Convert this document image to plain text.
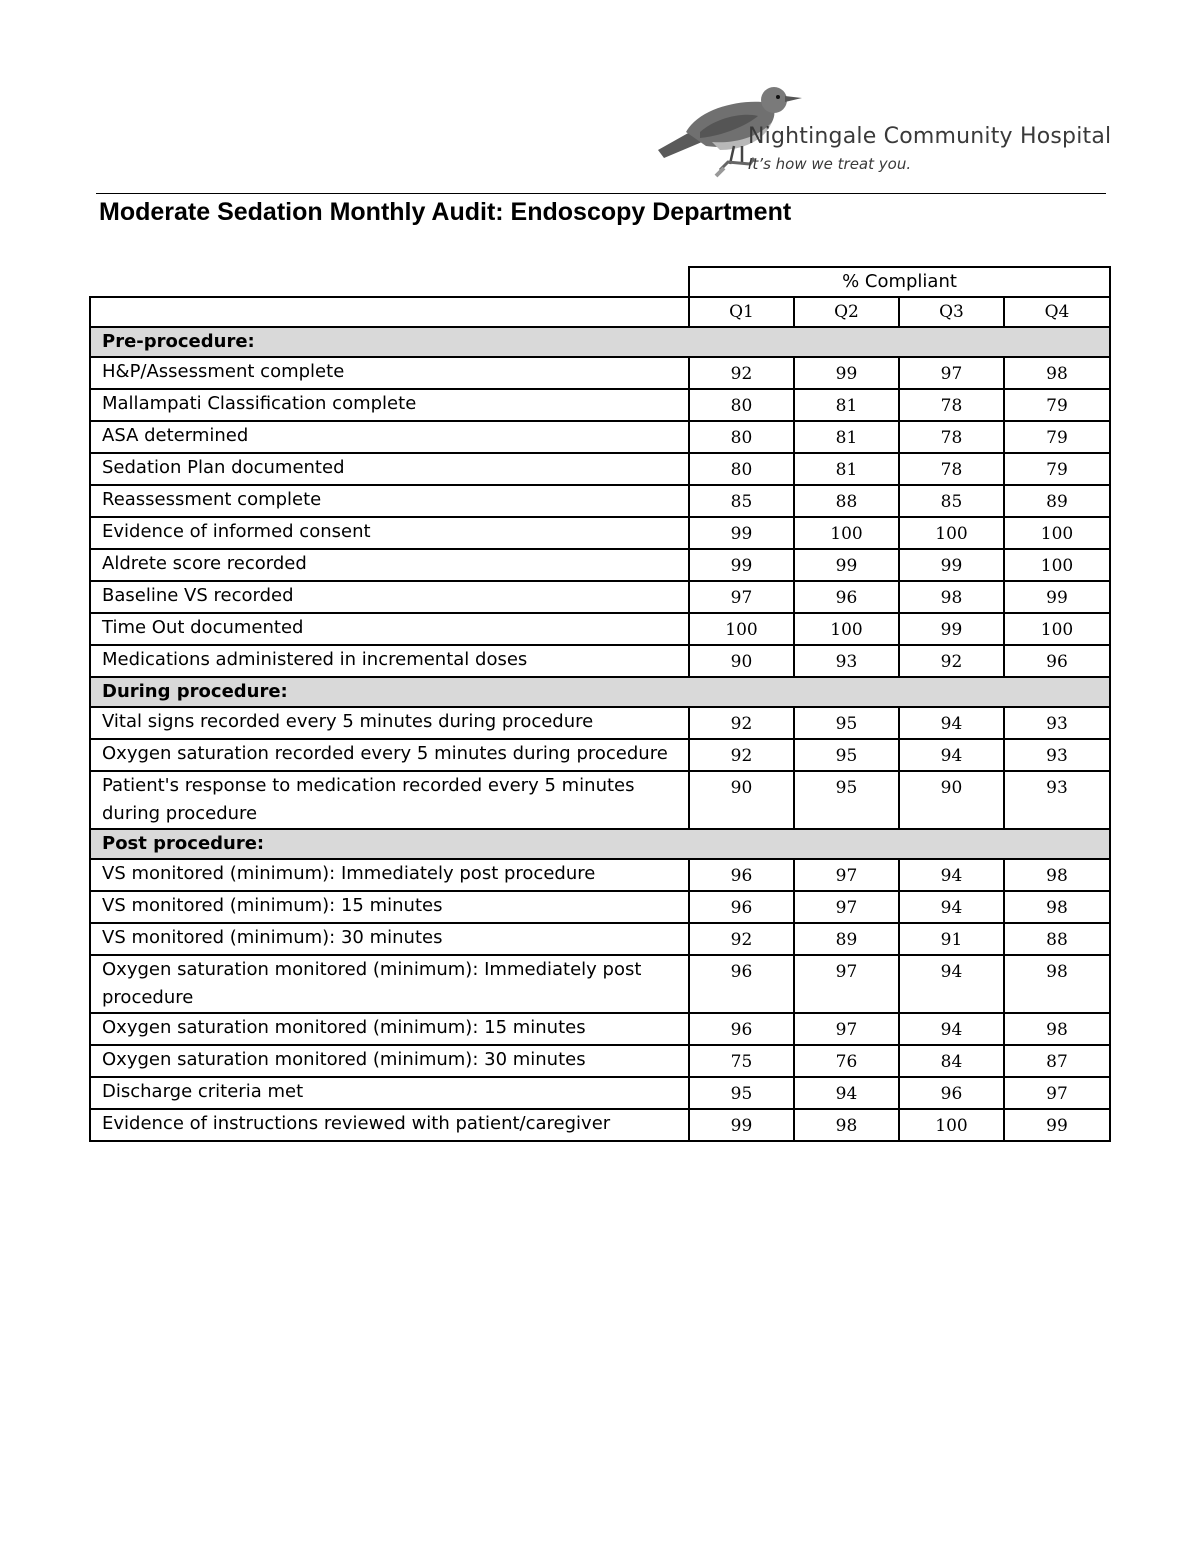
Nightingale Community Hospital
It’s how we treat you.
Moderate Sedation Monthly Audit: Endoscopy Department
	% Compliant			
	Q1	Q2	Q3	Q4
Pre-procedure:				
H&P/Assessment complete	92	99	97	98
Mallampati Classification complete	80	81	78	79
ASA determined	80	81	78	79
Sedation Plan documented	80	81	78	79
Reassessment complete	85	88	85	89
Evidence of informed consent	99	100	100	100
Aldrete score recorded	99	99	99	100
Baseline VS recorded	97	96	98	99
Time Out documented	100	100	99	100
Medications administered in incremental doses	90	93	92	96
During procedure:				
Vital signs recorded every 5 minutes during procedure	92	95	94	93
Oxygen saturation recorded every 5 minutes during procedure	92	95	94	93
Patient's response to medication recorded every 5 minutes during procedure	90	95	90	93
Post procedure:				
VS monitored (minimum): Immediately post procedure	96	97	94	98
VS monitored (minimum): 15 minutes	96	97	94	98
VS monitored (minimum): 30 minutes	92	89	91	88
Oxygen saturation monitored (minimum): Immediately post procedure	96	97	94	98
Oxygen saturation monitored (minimum): 15 minutes	96	97	94	98
Oxygen saturation monitored (minimum): 30 minutes	75	76	84	87
Discharge criteria met	95	94	96	97
Evidence of instructions reviewed with patient/caregiver	99	98	100	99
